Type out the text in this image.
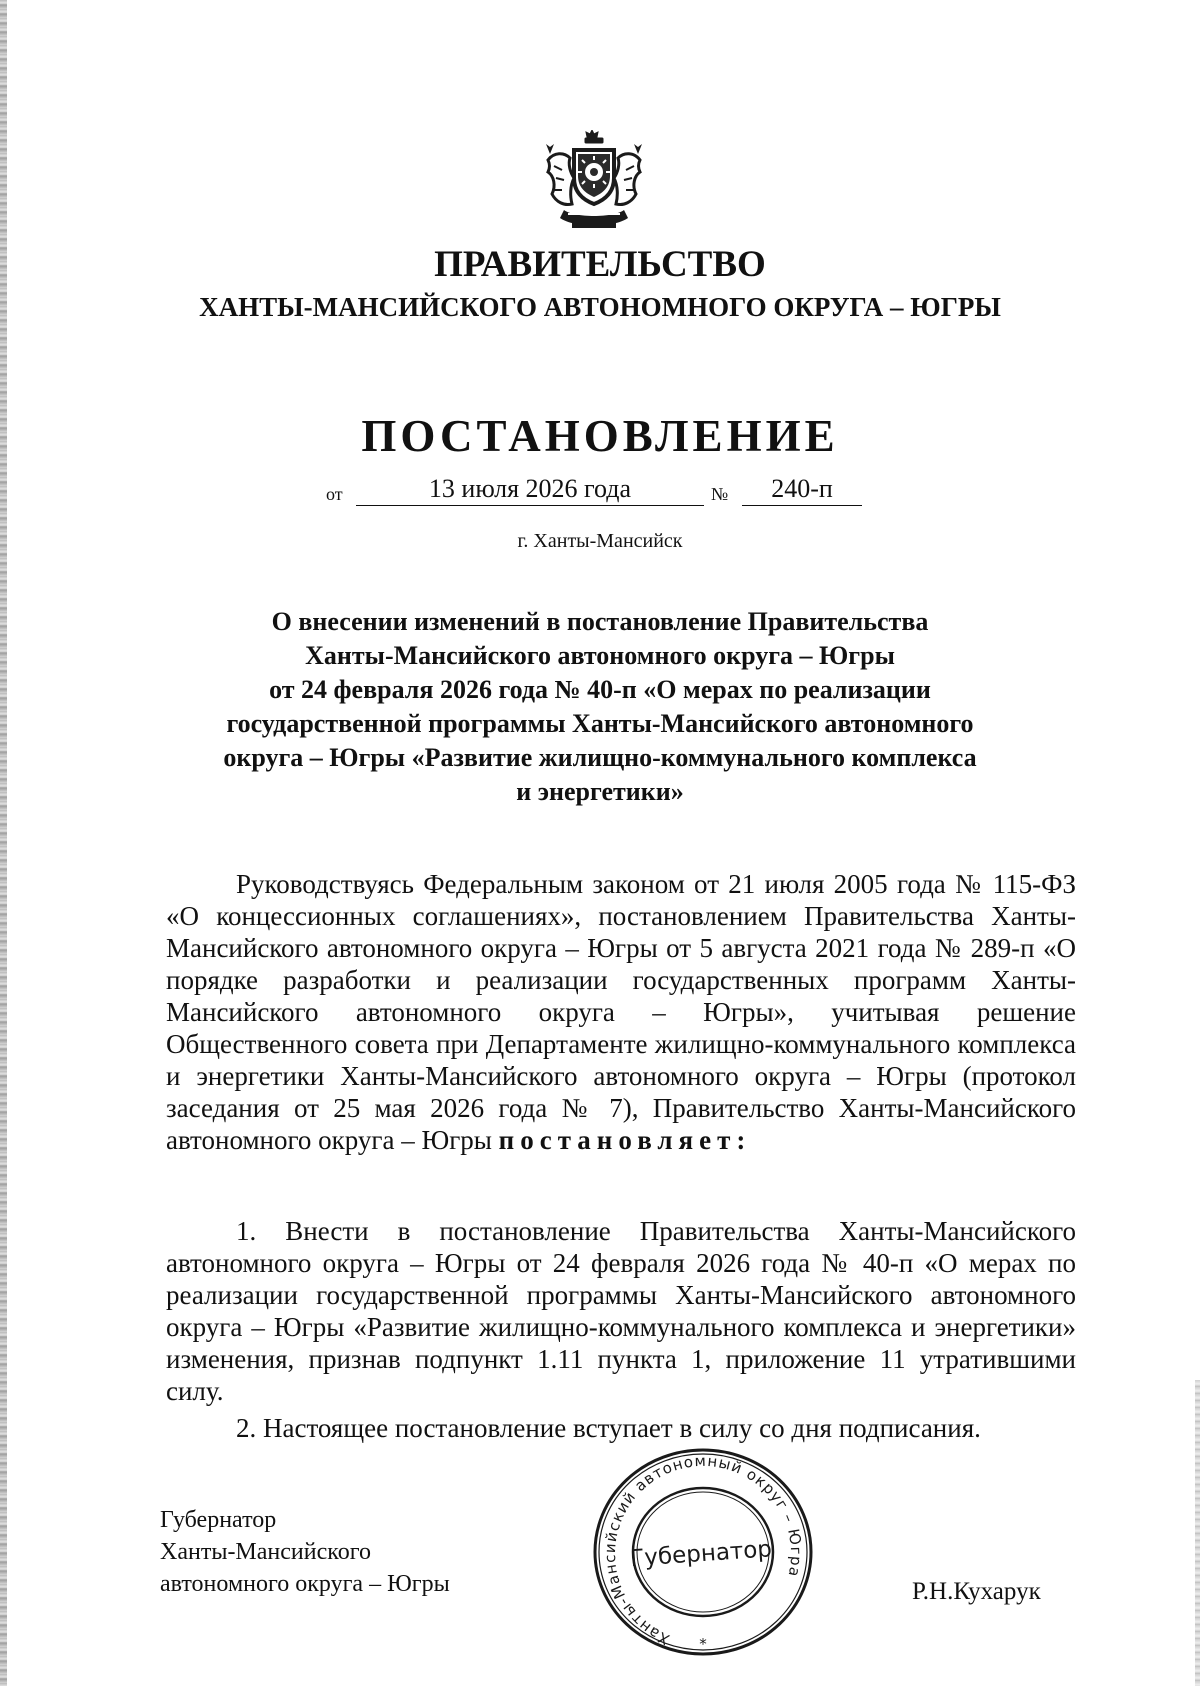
ПРАВИТЕЛЬСТВО
ХАНТЫ-МАНСИЙСКОГО АВТОНОМНОГО ОКРУГА – ЮГРЫ
ПОСТАНОВЛЕНИЕ
от	13 июля 2026 года	№	240-п
г. Ханты-Мансийск
О внесении изменений в постановление Правительства
Ханты-Мансийского автономного округа – Югры
от 24 февраля 2026 года № 40-п «О мерах по реализации
государственной программы Ханты-Мансийского автономного
округа – Югры «Развитие жилищно-коммунального комплекса
и энергетики»
Руководствуясь Федеральным законом от 21 июля 2005 года № 115-ФЗ «О концессионных соглашениях», постановлением Правительства Ханты-Мансийского автономного округа – Югры от 5 августа 2021 года № 289-п «О порядке разработки и реализации государственных программ Ханты-Мансийского автономного округа – Югры», учитывая решение Общественного совета при Департаменте жилищно-коммунального комплекса и энергетики Ханты-Мансийского автономного округа – Югры (протокол заседания от 25 мая 2026 года № 7), Правительство Ханты-Мансийского автономного округа – Югры постановляет:
1. Внести в постановление Правительства Ханты-Мансийского автономного округа – Югры от 24 февраля 2026 года № 40-п «О мерах по реализации государственной программы Ханты-Мансийского автономного округа – Югры «Развитие жилищно-коммунального комплекса и энергетики» изменения, признав подпункт 1.11 пункта 1, приложение 11 утратившими силу.
2. Настоящее постановление вступает в силу со дня подписания.
Губернатор
Ханты-Мансийского
автономного округа – Югры
Ханты-Мансийский автономный округ – Югра
Губернатор
*
Р.Н.Кухарук
